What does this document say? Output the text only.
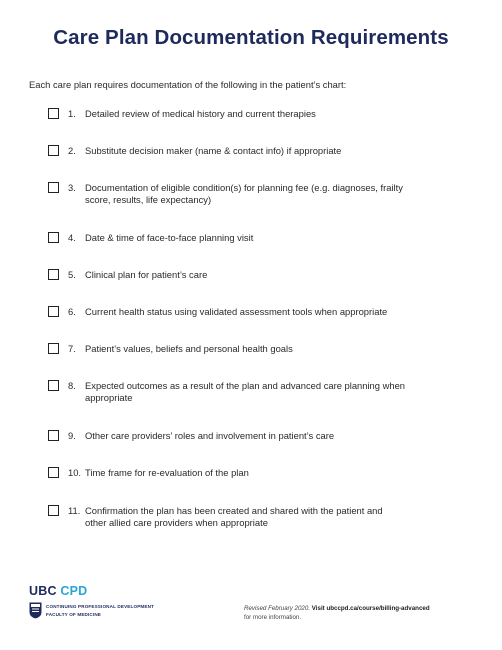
Care Plan Documentation Requirements
Each care plan requires documentation of the following in the patient’s chart:
1. Detailed review of medical history and current therapies
2. Substitute decision maker (name & contact info) if appropriate
3. Documentation of eligible condition(s) for planning fee (e.g. diagnoses, frailty score, results, life expectancy)
4. Date & time of face-to-face planning visit
5. Clinical plan for patient’s care
6. Current health status using validated assessment tools when appropriate
7. Patient’s values, beliefs and personal health goals
8. Expected outcomes as a result of the plan and advanced care planning when appropriate
9. Other care providers’ roles and involvement in patient’s care
10. Time frame for re-evaluation of the plan
11. Confirmation the plan has been created and shared with the patient and other allied care providers when appropriate
UBC CPD
CONTINUING PROFESSIONAL DEVELOPMENT
FACULTY OF MEDICINE
Revised February 2020. Visit ubccpd.ca/course/billing-advanced
for more information.
